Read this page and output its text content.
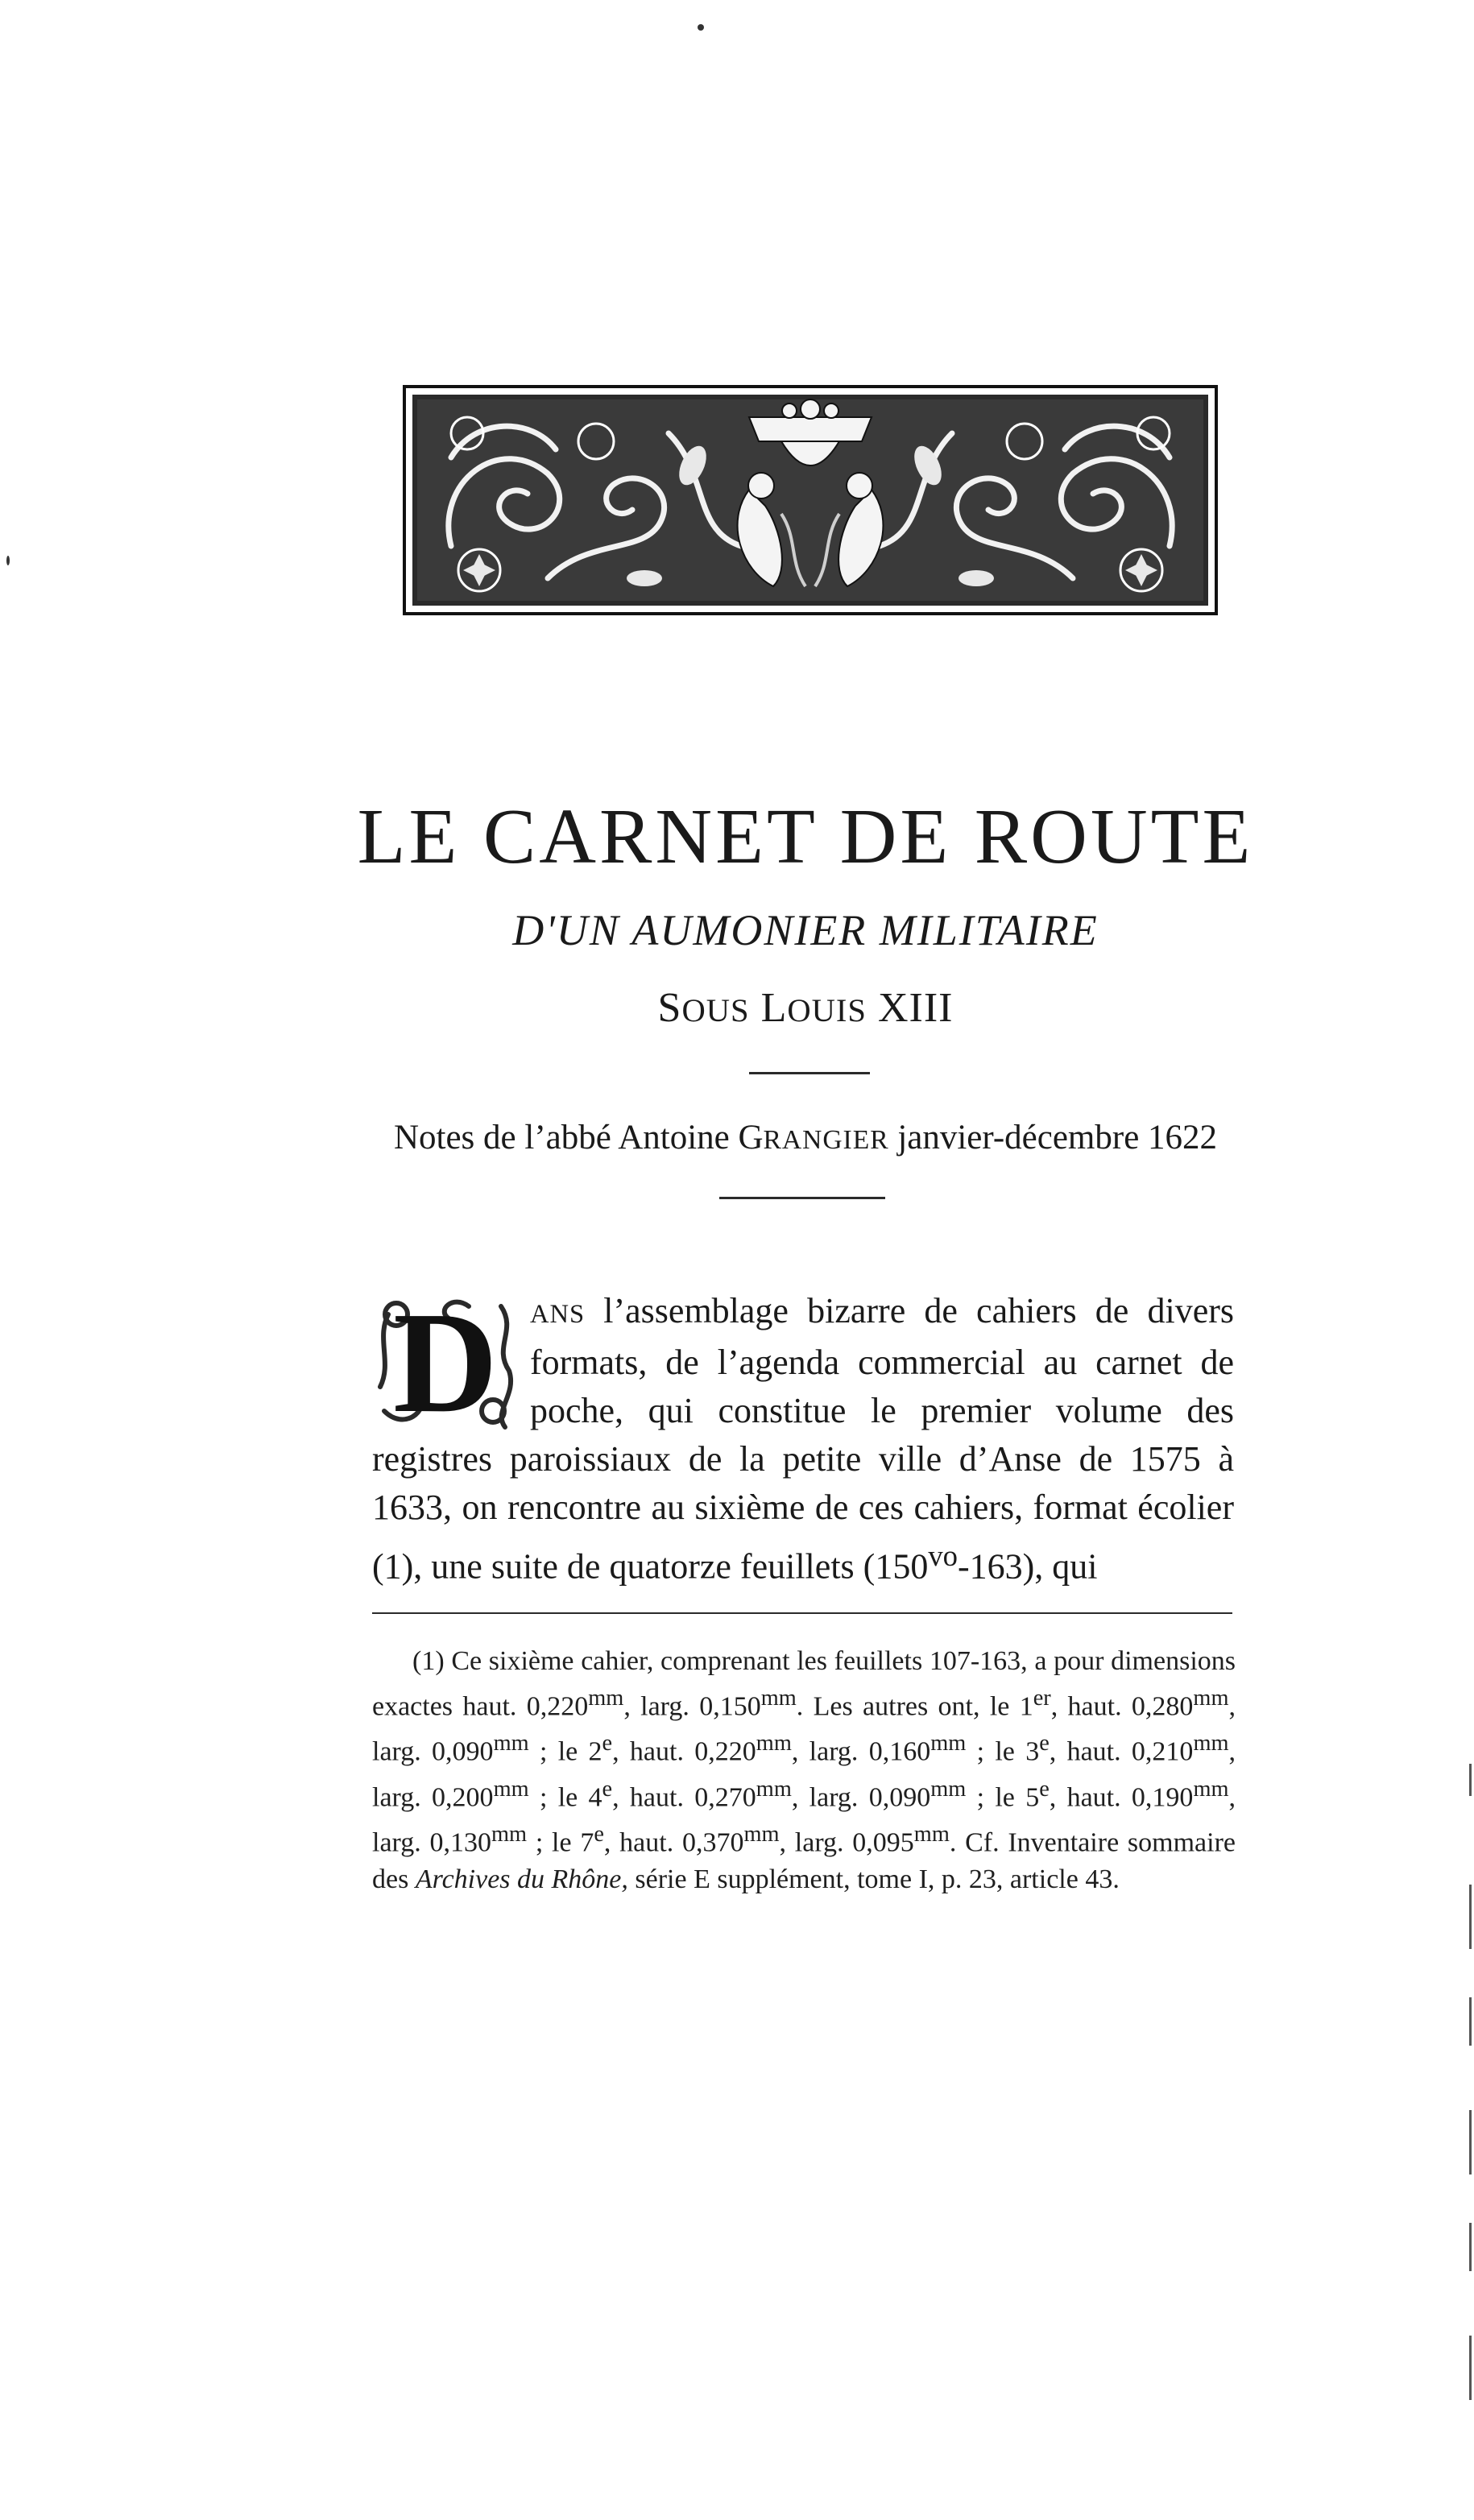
LE CARNET DE ROUTE
D'UN AUMONIER MILITAIRE
SOUS LOUIS XIII
Notes de l’abbé Antoine GRANGIER janvier-décembre 1622

D ANS l’assemblage bizarre de cahiers de divers formats, de l’agenda commercial au carnet de poche, qui constitue le premier volume des registres paroissiaux de la petite ville d’Anse de 1575 à 1633, on rencontre au sixième de ces cahiers, format écolier (1), une suite de quatorze feuillets $(150^{vo}-163)$, qui

(1) Ce sixième cahier, comprenant les feuillets 107-163, a pour dimensions exactes haut. $0,220^{mm}$, larg. $0,150^{mm}$. Les autres ont, le 1er, haut. $0,280^{mm}$, larg. $0,090^{mm}$ ; le 2e, haut. $0,220^{mm}$, larg. $0,160^{mm}$ ; le 3e, haut. $0,210^{mm}$, larg. $0,200^{mm}$ ; le 4e, haut. $0,270^{mm}$, larg. $0,090^{mm}$ ; le 5e, haut. $0,190^{mm}$, larg. $0,130^{mm}$ ; le 7e, haut. $0,370^{mm}$, larg. $0,095^{mm}$. Cf. Inventaire sommaire des Archives du Rhône, série E supplément, tome I, p. 23, article 43.
